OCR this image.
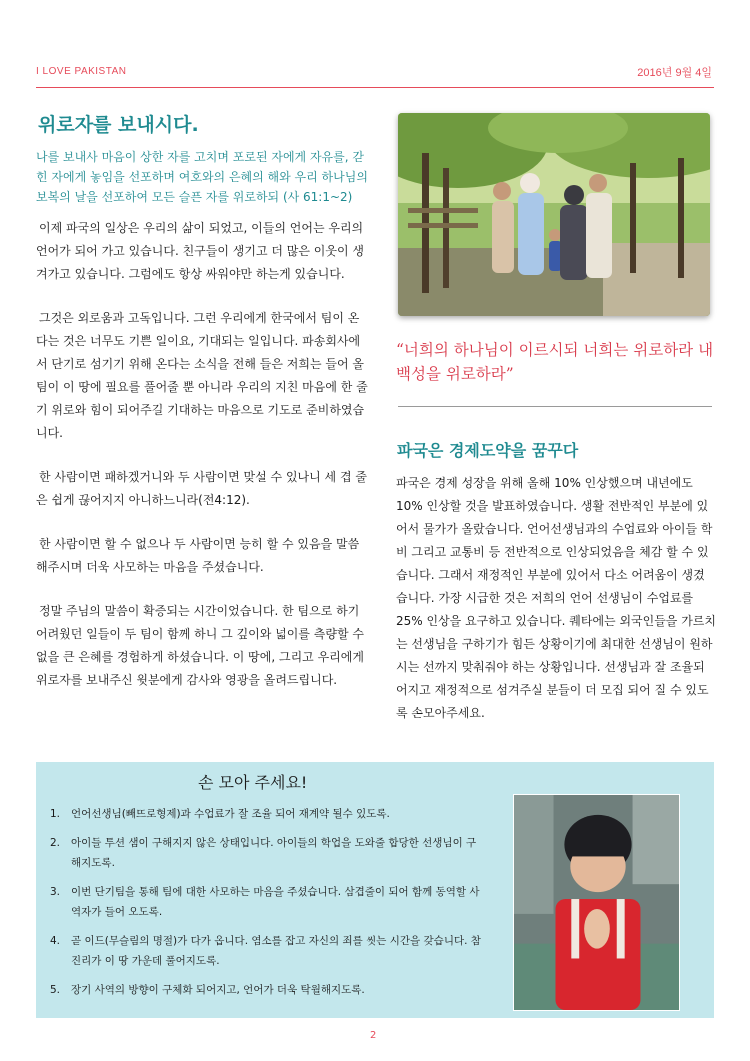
I LOVE PAKISTAN	2016년 9월 4일
위로자를 보내시다.

나를 보내사 마음이 상한 자를 고치며 포로된 자에게 자유를, 갇힌 자에게 놓임을 선포하며 여호와의 은혜의 해와 우리 하나님의 보복의 날을 선포하여 모든 슬픈 자를 위로하되 (사 61:1~2)

이제 파국의 일상은 우리의 삶이 되었고, 이들의 언어는 우리의 언어가 되어 가고 있습니다. 친구들이 생기고 더 많은 이웃이 생겨가고 있습니다. 그럼에도 항상 싸워야만 하는게 있습니다.

그것은 외로움과 고독입니다. 그런 우리에게 한국에서 팀이 온다는 것은 너무도 기쁜 일이요, 기대되는 일입니다. 파송회사에서 단기로 섬기기 위해 온다는 소식을 전해 들은 저희는 들어 올 팀이 이 땅에 필요를 풀어줄 뿐 아니라 우리의 지친 마음에 한 줄기 위로와 힘이 되어주길 기대하는 마음으로 기도로 준비하였습니다.

한 사람이면 패하겠거니와 두 사람이면 맞설 수 있나니 세 겹 줄은 쉽게 끊어지지 아니하느니라(전4:12).

한 사람이면 할 수 없으나 두 사람이면 능히 할 수 있음을 말씀해주시며 더욱 사모하는 마음을 주셨습니다.

정말 주님의 말씀이 확증되는 시간이었습니다. 한 팀으로 하기 어려웠던 일들이 두 팀이 함께 하니 그 깊이와 넓이를 측량할 수 없을 큰 은혜를 경험하게 하셨습니다. 이 땅에, 그리고 우리에게 위로자를 보내주신 윗분에게 감사와 영광을 올려드립니다.

“너희의 하나님이 이르시되 너희는 위로하라 내 백성을 위로하라”
파국은 경제도약을 꿈꾸다

파국은 경제 성장을 위해 올해 10% 인상했으며 내년에도 10% 인상할 것을 발표하였습니다. 생활 전반적인 부분에 있어서 물가가 올랐습니다. 언어선생님과의 수업료와 아이들 학비 그리고 교통비 등 전반적으로 인상되었음을 체감 할 수 있습니다. 그래서 재정적인 부분에 있어서 다소 어려움이 생겼습니다. 가장 시급한 것은 저희의 언어 선생님이 수업료를 25% 인상을 요구하고 있습니다. 퀘타에는 외국인들을 가르치는 선생님을 구하기가 힘든 상황이기에 최대한 선생님이 원하시는 선까지 맞춰줘야 하는 상황입니다. 선생님과 잘 조율되어지고 재정적으로 섬겨주실 분들이 더 모집 되어 질 수 있도록 손모아주세요.

손 모아 주세요!
1.	언어선생님(빼뜨로형제)과 수업료가 잘 조율 되어 재계약 될수 있도록.
2.	아이들 투션 샘이 구해지지 않은 상태입니다. 아이들의 학업을 도와줄 합당한 선생님이 구해지도록.
3.	이번 단기팀을 통해 팀에 대한 사모하는 마음을 주셨습니다. 삼겹줄이 되어 함께 동역할 사역자가 들어 오도록.
4.	곧 이드(무슬림의 명절)가 다가 옵니다. 염소를 잡고 자신의 죄를 씻는 시간을 갖습니다. 참 진리가 이 땅 가운데 풀어지도록.
5.	장기 사역의 방향이 구체화 되어지고, 언어가 더욱 탁월해지도록.
2
